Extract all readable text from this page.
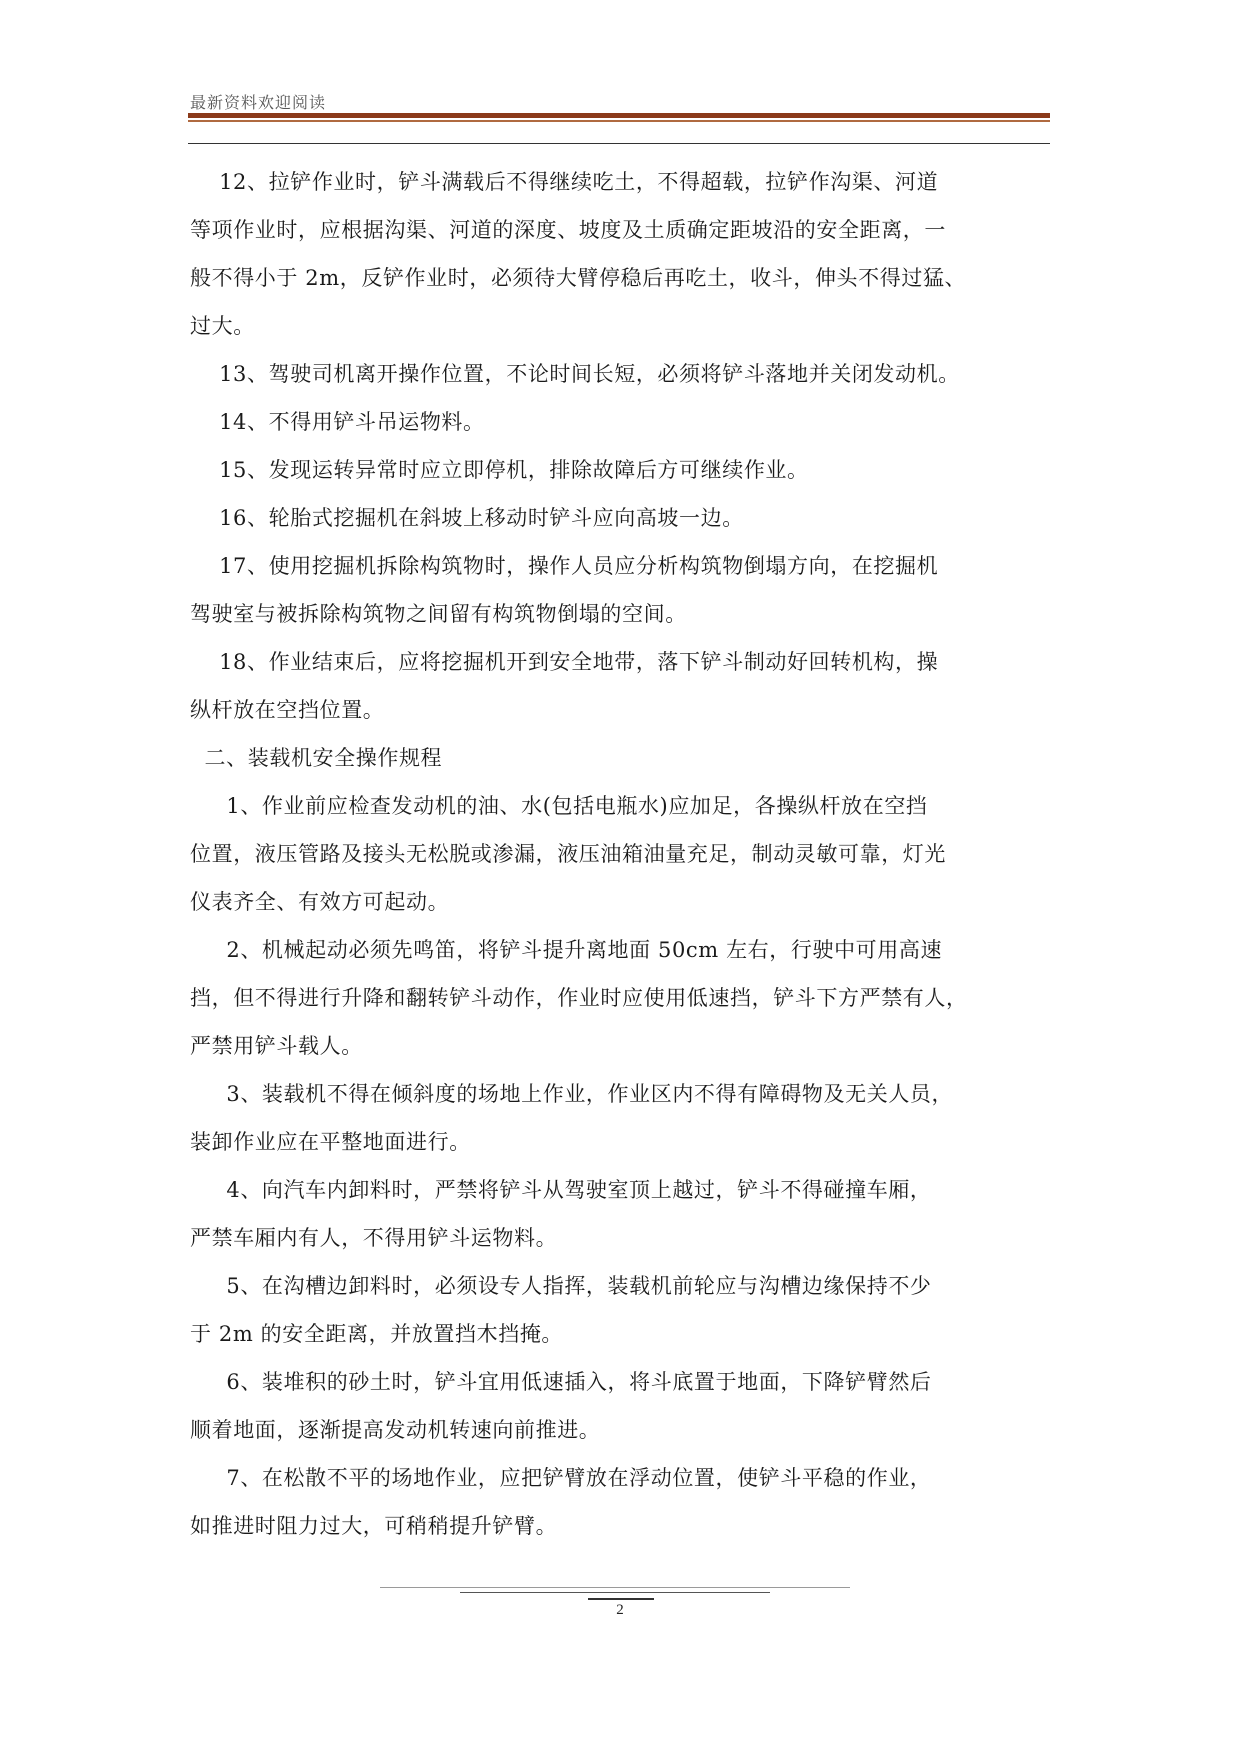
最新资料欢迎阅读

12、拉铲作业时，铲斗满载后不得继续吃土，不得超载，拉铲作沟渠、河道
等项作业时，应根据沟渠、河道的深度、坡度及土质确定距坡沿的安全距离，一
般不得小于 2m，反铲作业时，必须待大臂停稳后再吃土，收斗，伸头不得过猛、
过大。

13、驾驶司机离开操作位置，不论时间长短，必须将铲斗落地并关闭发动机。

14、不得用铲斗吊运物料。

15、发现运转异常时应立即停机，排除故障后方可继续作业。

16、轮胎式挖掘机在斜坡上移动时铲斗应向高坡一边。

17、使用挖掘机拆除构筑物时，操作人员应分析构筑物倒塌方向，在挖掘机
驾驶室与被拆除构筑物之间留有构筑物倒塌的空间。

18、作业结束后，应将挖掘机开到安全地带，落下铲斗制动好回转机构，操
纵杆放在空挡位置。

二、装载机安全操作规程

1、作业前应检查发动机的油、水(包括电瓶水)应加足，各操纵杆放在空挡
位置，液压管路及接头无松脱或渗漏，液压油箱油量充足，制动灵敏可靠，灯光
仪表齐全、有效方可起动。

2、机械起动必须先鸣笛，将铲斗提升离地面 50cm 左右，行驶中可用高速
挡，但不得进行升降和翻转铲斗动作，作业时应使用低速挡，铲斗下方严禁有人，
严禁用铲斗载人。

3、装载机不得在倾斜度的场地上作业，作业区内不得有障碍物及无关人员，
装卸作业应在平整地面进行。

4、向汽车内卸料时，严禁将铲斗从驾驶室顶上越过，铲斗不得碰撞车厢，
严禁车厢内有人，不得用铲斗运物料。

5、在沟槽边卸料时，必须设专人指挥，装载机前轮应与沟槽边缘保持不少
于 2m 的安全距离，并放置挡木挡掩。

6、装堆积的砂土时，铲斗宜用低速插入，将斗底置于地面，下降铲臂然后
顺着地面，逐渐提高发动机转速向前推进。

7、在松散不平的场地作业，应把铲臂放在浮动位置，使铲斗平稳的作业，
如推进时阻力过大，可稍稍提升铲臂。

2
